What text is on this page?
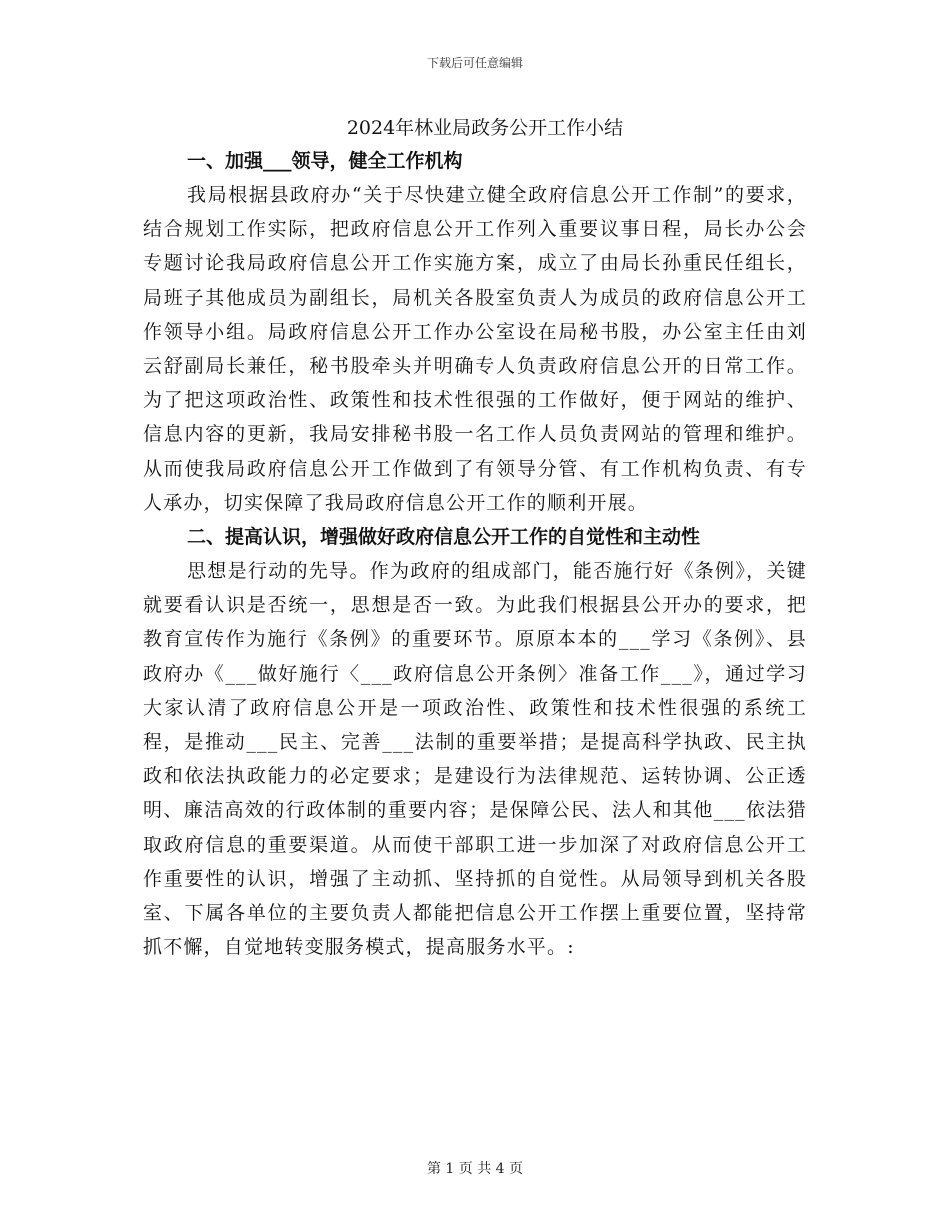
下载后可任意编辑
2024年林业局政务公开工作小结
一、加强___领导，健全工作机构

我局根据县政府办“关于尽快建立健全政府信息公开工作制”的要求，结合规划工作实际，把政府信息公开工作列入重要议事日程，局长办公会专题讨论我局政府信息公开工作实施方案，成立了由局长孙重民任组长，局班子其他成员为副组长，局机关各股室负责人为成员的政府信息公开工作领导小组。局政府信息公开工作办公室设在局秘书股，办公室主任由刘云舒副局长兼任，秘书股牵头并明确专人负责政府信息公开的日常工作。为了把这项政治性、政策性和技术性很强的工作做好，便于网站的维护、信息内容的更新，我局安排秘书股一名工作人员负责网站的管理和维护。从而使我局政府信息公开工作做到了有领导分管、有工作机构负责、有专人承办，切实保障了我局政府信息公开工作的顺利开展。

二、提高认识，增强做好政府信息公开工作的自觉性和主动性

思想是行动的先导。作为政府的组成部门，能否施行好《条例》，关键就要看认识是否统一，思想是否一致。为此我们根据县公开办的要求，把教育宣传作为施行《条例》的重要环节。原原本本的___学习《条例》、县政府办《___做好施行〈___政府信息公开条例〉准备工作___》，通过学习大家认清了政府信息公开是一项政治性、政策性和技术性很强的系统工程，是推动___民主、完善___法制的重要举措；是提高科学执政、民主执政和依法执政能力的必定要求；是建设行为法律规范、运转协调、公正透明、廉洁高效的行政体制的重要内容；是保障公民、法人和其他___依法猎取政府信息的重要渠道。从而使干部职工进一步加深了对政府信息公开工作重要性的认识，增强了主动抓、坚持抓的自觉性。从局领导到机关各股室、下属各单位的主要负责人都能把信息公开工作摆上重要位置，坚持常抓不懈，自觉地转变服务模式，提高服务水平。:

第 1 页 共 4 页
